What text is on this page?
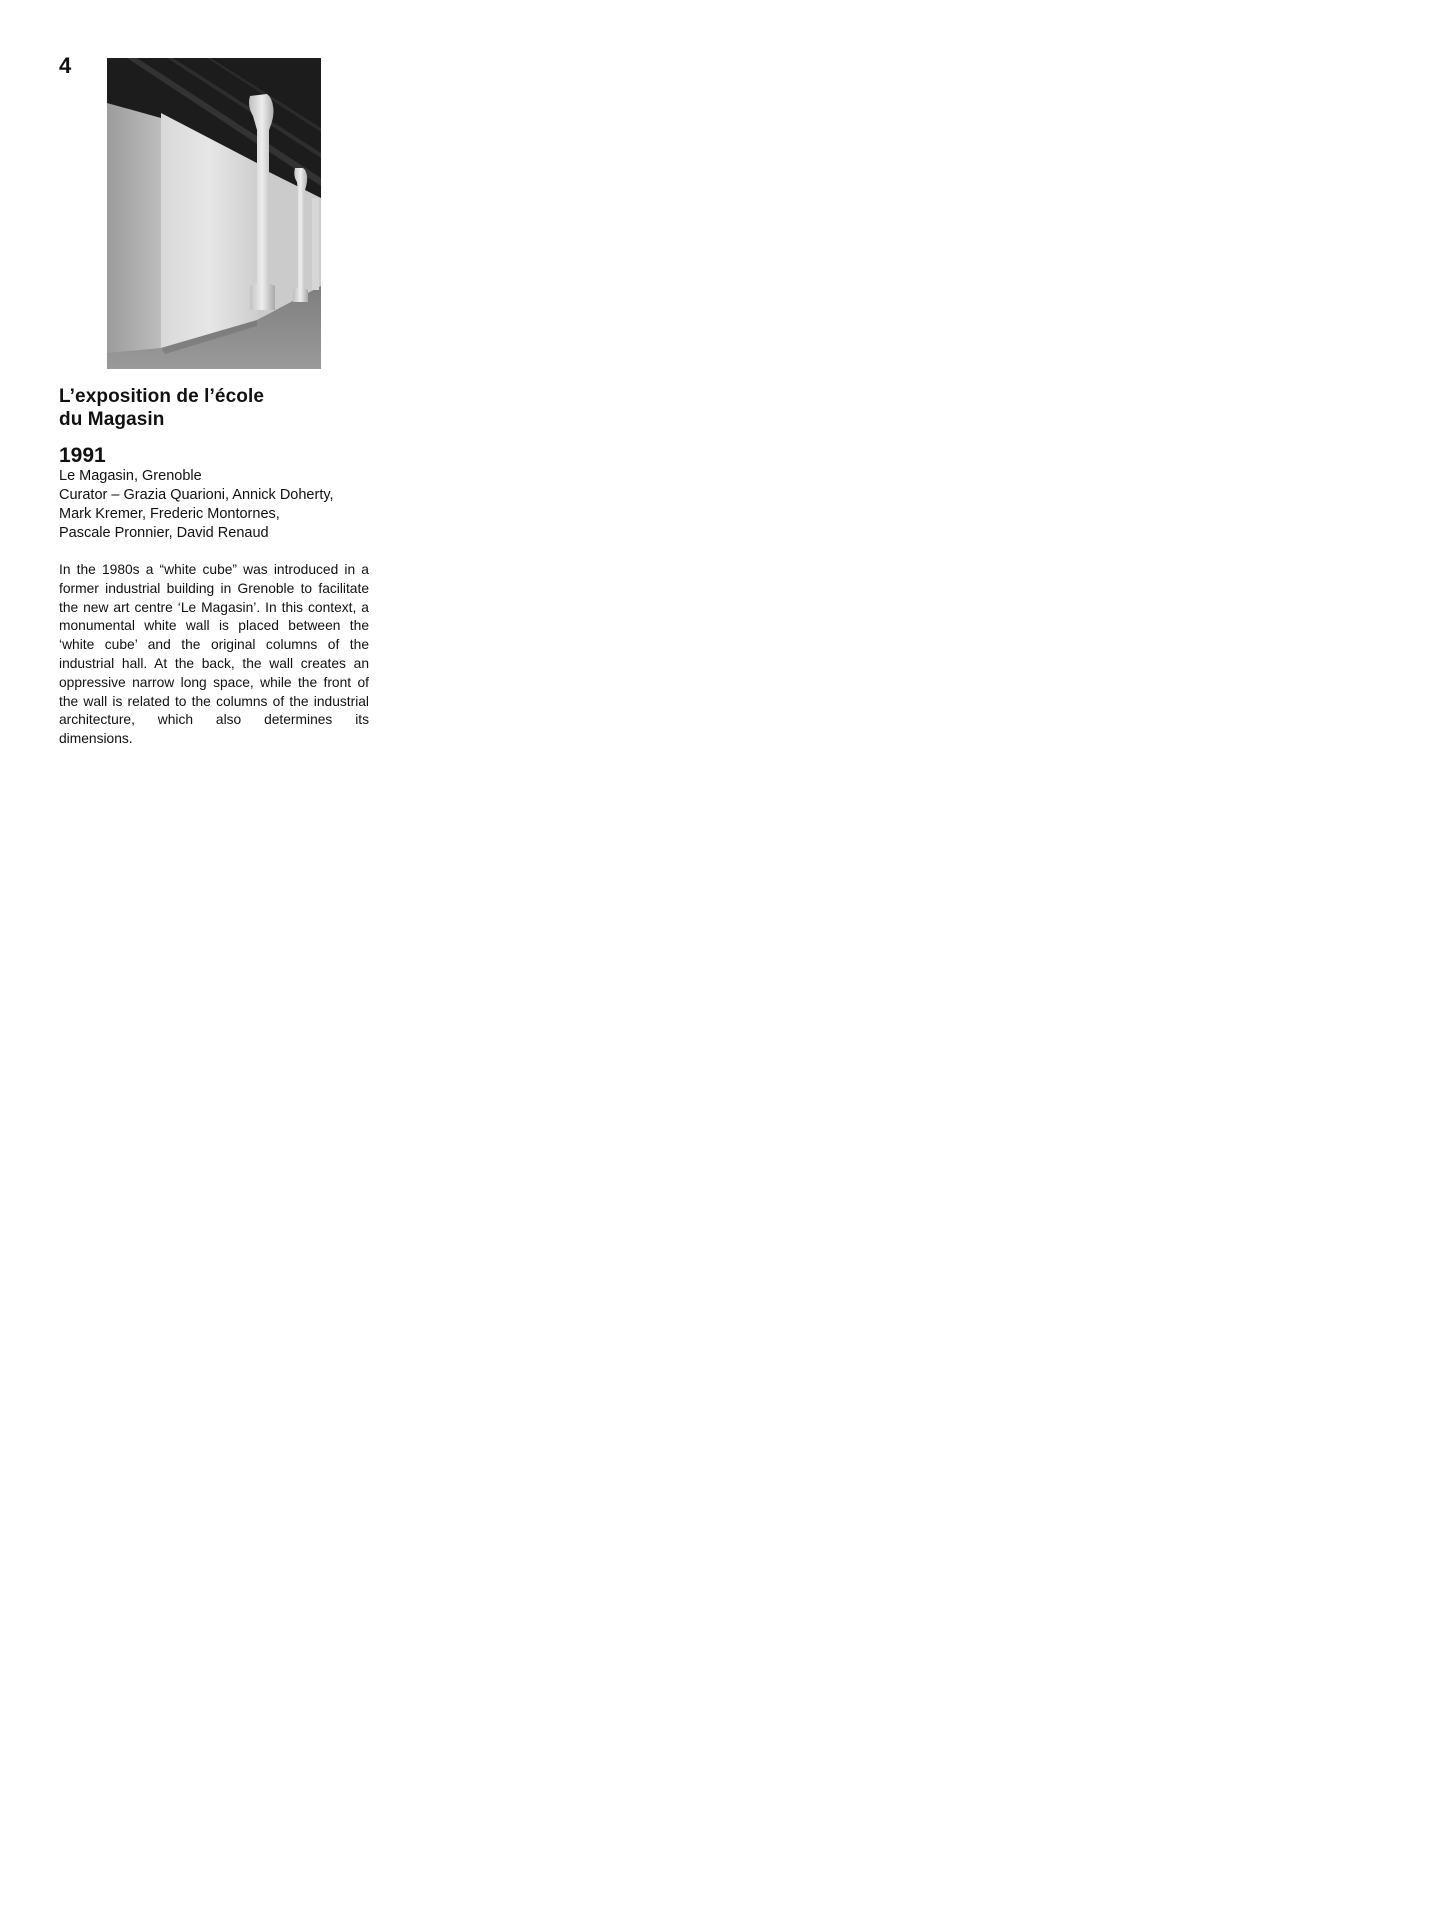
4
L’exposition de l’école
du Magasin
1991

Le Magasin, Grenoble
Curator – Grazia Quarioni, Annick Doherty,
Mark Kremer, Frederic Montornes,
Pascale Pronnier, David Renaud

In the 1980s a “white cube” was introduced in a former industrial building in Grenoble to facilitate the new art centre ‘Le Magasin’. In this context, a monumental white wall is placed between the ‘white cube’ and the original columns of the industrial hall. At the back, the wall creates an oppressive narrow long space, while the front of the wall is related to the columns of the industrial architecture, which also determines its dimensions.
